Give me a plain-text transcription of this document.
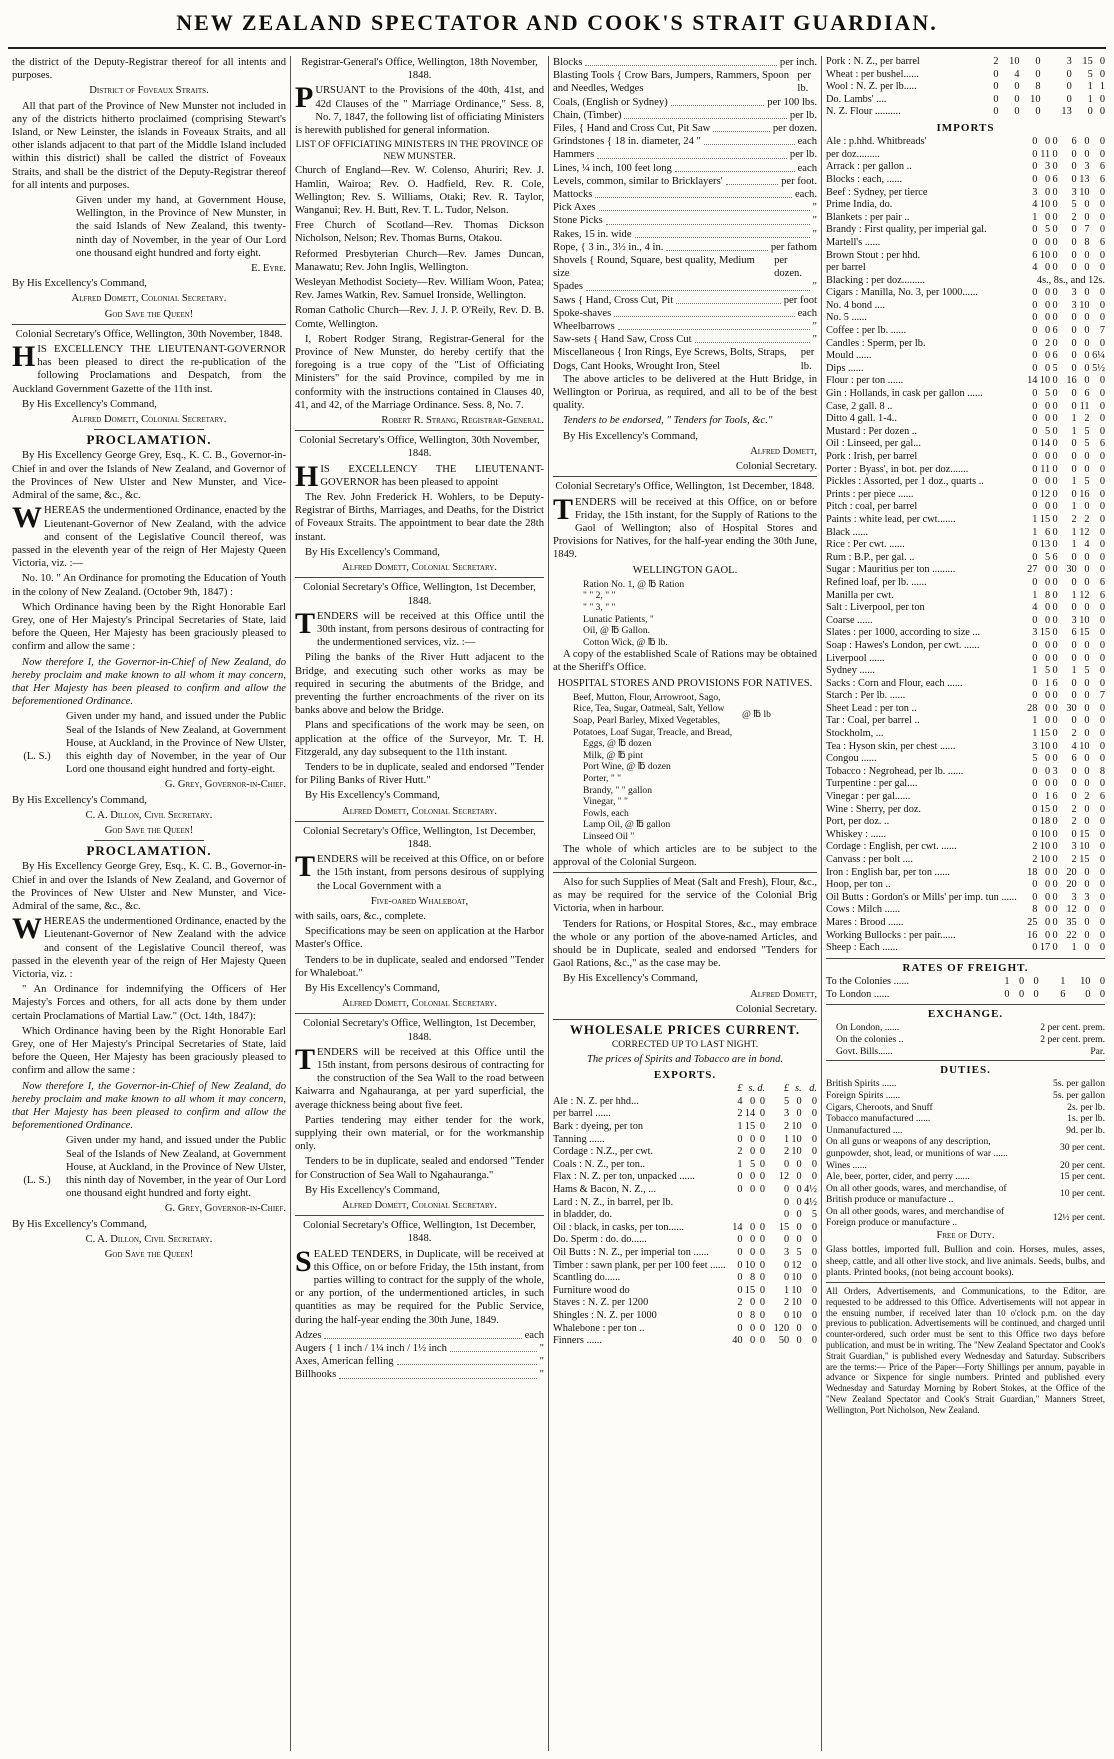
NEW ZEALAND SPECTATOR AND COOK'S STRAIT GUARDIAN.

the district of the Deputy-Registrar thereof for all intents and purposes.

District of Foveaux Straits.

All that part of the Province of New Munster not included in any of the districts hitherto proclaimed (comprising Stewart's Island, or New Leinster, the islands in Foveaux Straits, and all other islands adjacent to that part of the Middle Island included within this district) shall be called the district of Foveaux Straits, and shall be the district of the Deputy-Registrar thereof for all intents and purposes.

Given under my hand, at Government House, Wellington, in the Province of New Munster, in the said Islands of New Zealand, this twenty-ninth day of November, in the year of Our Lord one thousand eight hundred and forty eight.

E. Eyre.

By His Excellency's Command,

Alfred Domett, Colonial Secretary.

God Save the Queen!

Colonial Secretary's Office, Wellington, 30th November, 1848.

HIS EXCELLENCY THE LIEUTENANT-GOVERNOR has been pleased to direct the re-publication of the following Proclamations and Despatch, from the Auckland Government Gazette of the 11th inst.

By His Excellency's Command,

Alfred Domett, Colonial Secretary.

PROCLAMATION.

By His Excellency George Grey, Esq., K. C. B., Governor-in-Chief in and over the Islands of New Zealand, and Governor of the Provinces of New Ulster and New Munster, and Vice-Admiral of the same, &c., &c.

WHEREAS the undermentioned Ordinance, enacted by the Lieutenant-Governor of New Zealand, with the advice and consent of the Legislative Council thereof, was passed in the eleventh year of the reign of Her Majesty Queen Victoria, viz. :—

No. 10. " An Ordinance for promoting the Education of Youth in the colony of New Zealand. (October 9th, 1847) :

Which Ordinance having been by the Right Honorable Earl Grey, one of Her Majesty's Principal Secretaries of State, laid before the Queen, Her Majesty has been graciously pleased to confirm and allow the same :

Now therefore I, the Governor-in-Chief of New Zealand, do hereby proclaim and make known to all whom it may concern, that Her Majesty has been pleased to confirm and allow the beforementioned Ordinance.

(L. S.)

Given under my hand, and issued under the Public Seal of the Islands of New Zealand, at Government House, at Auckland, in the Province of New Ulster, this eighth day of November, in the year of Our Lord one thousand eight hundred and forty-eight.

G. Grey, Governor-in-Chief.

By His Excellency's Command,

C. A. Dillon, Civil Secretary.

God Save the Queen!

PROCLAMATION.

By His Excellency George Grey, Esq., K. C. B., Governor-in-Chief in and over the Islands of New Zealand, and Governor of the Provinces of New Ulster and New Munster, and Vice-Admiral of the same, &c., &c.

WHEREAS the undermentioned Ordinance, enacted by the Lieutenant-Governor of New Zealand with the advice and consent of the Legislative Council thereof, was passed in the eleventh year of the reign of Her Majesty Queen Victoria, viz. :

" An Ordinance for indemnifying the Officers of Her Majesty's Forces and others, for all acts done by them under certain Proclamations of Martial Law." (Oct. 14th, 1847):

Which Ordinance having been by the Right Honorable Earl Grey, one of Her Majesty's Principal Secretaries of State, laid before the Queen, Her Majesty has been graciously pleased to confirm and allow the same :

Now therefore I, the Governor-in-Chief of New Zealand, do hereby proclaim and make known to all whom it may concern, that Her Majesty has been pleased to confirm and allow the beforementioned Ordinance.

(L. S.)

Given under my hand, and issued under the Public Seal of the Islands of New Zealand, at Government House, at Auckland, in the Province of New Ulster, this ninth day of November, in the year of Our Lord one thousand eight hundred and forty eight.

G. Grey, Governor-in-Chief.

By His Excellency's Command,

C. A. Dillon, Civil Secretary.

God Save the Queen!

Registrar-General's Office, Wellington, 18th November, 1848.

PURSUANT to the Provisions of the 40th, 41st, and 42d Clauses of the " Marriage Ordinance," Sess. 8, No. 7, 1847, the following list of officiating Ministers is herewith published for general information.

LIST OF OFFICIATING MINISTERS IN THE PROVINCE OF NEW MUNSTER.

Church of England—Rev. W. Colenso, Ahuriri; Rev. J. Hamlin, Wairoa; Rev. O. Hadfield, Rev. R. Cole, Wellington; Rev. S. Williams, Otaki; Rev. R. Taylor, Wanganui; Rev. H. Butt, Rev. T. L. Tudor, Nelson.

Free Church of Scotland—Rev. Thomas Dickson Nicholson, Nelson; Rev. Thomas Burns, Otakou.

Reformed Presbyterian Church—Rev. James Duncan, Manawatu; Rev. John Inglis, Wellington.

Wesleyan Methodist Society—Rev. William Woon, Patea; Rev. James Watkin, Rev. Samuel Ironside, Wellington.

Roman Catholic Church—Rev. J. J. P. O'Reily, Rev. D. B. Comte, Wellington.

I, Robert Rodger Strang, Registrar-General for the Province of New Munster, do hereby certify that the foregoing is a true copy of the "List of Officiating Ministers" for the said Province, compiled by me in conformity with the instructions contained in Clauses 40, 41, and 42, of the Marriage Ordinance. Sess. 8, No. 7.

Robert R. Strang, Registrar-General.

Colonial Secretary's Office, Wellington, 30th November, 1848.

HIS EXCELLENCY THE LIEUTENANT-GOVERNOR has been pleased to appoint

The Rev. John Frederick H. Wohlers, to be Deputy-Registrar of Births, Marriages, and Deaths, for the District of Foveaux Straits. The appointment to bear date the 28th instant.

By His Excellency's Command,

Alfred Domett, Colonial Secretary.

Colonial Secretary's Office, Wellington, 1st December, 1848.

TENDERS will be received at this Office until the 30th instant, from persons desirous of contracting for the undermentioned services, viz. :—

Piling the banks of the River Hutt adjacent to the Bridge, and executing such other works as may be required in securing the abutments of the Bridge, and preventing the further encroachments of the river on its banks above and below the Bridge.

Plans and specifications of the work may be seen, on application at the office of the Surveyor, Mr. T. H. Fitzgerald, any day subsequent to the 11th instant.

Tenders to be in duplicate, sealed and endorsed "Tender for Piling Banks of River Hutt."

By His Excellency's Command,

Alfred Domett, Colonial Secretary.

Colonial Secretary's Office, Wellington, 1st December, 1848.

TENDERS will be received at this Office, on or before the 15th instant, from persons desirous of supplying the Local Government with a

Five-oared Whaleboat,

with sails, oars, &c., complete.

Specifications may be seen on application at the Harbor Master's Office.

Tenders to be in duplicate, sealed and endorsed "Tender for Whaleboat."

By His Excellency's Command,

Alfred Domett, Colonial Secretary.

Colonial Secretary's Office, Wellington, 1st December, 1848.

TENDERS will be received at this Office until the 15th instant, from persons desirous of contracting for the construction of the Sea Wall to the road between Kaiwarra and Ngahauranga, at per yard superficial, the average thickness being about five feet.

Parties tendering may either tender for the work, supplying their own material, or for the workmanship only.

Tenders to be in duplicate, sealed and endorsed "Tender for Construction of Sea Wall to Ngahauranga."

By His Excellency's Command,

Alfred Domett, Colonial Secretary.

Colonial Secretary's Office, Wellington, 1st December, 1848.

SEALED TENDERS, in Duplicate, will be received at this Office, on or before Friday, the 15th instant, from parties willing to contract for the supply of the whole, or any portion, of the undermentioned articles, in such quantities as may be required for the Public Service, during the half-year ending the 30th June, 1849.

Adzes	each
Augers { 1 inch / 1¼ inch / 1½ inch	"
Axes, American felling	"
Billhooks	"
Blocks	per inch.
Blasting Tools { Crow Bars, Jumpers, Rammers, Spoon and Needles, Wedges
per lb.
Coals, (English or Sydney)	per 100 lbs.
Chain, (Timber)	per lb.
Files, { Hand and Cross Cut, Pit Saw	per dozen.
Grindstones { 18 in. diameter, 24 "	each
Hammers	per lb.
Lines, ¼ inch, 100 feet long	each
Levels, common, similar to Bricklayers'	per foot.
Mattocks	each.
Pick Axes	"
Stone Picks	"
Rakes, 15 in. wide	"
Rope, { 3 in., 3½ in., 4 in.	per fathom
Shovels { Round, Square, best quality, Medium size
per dozen.
Spades	"
Saws { Hand, Cross Cut, Pit	per foot
Spoke-shaves	each
Wheelbarrows	"
Saw-sets { Hand Saw, Cross Cut	"
Miscellaneous { Iron Rings, Eye Screws, Bolts, Straps, Dogs, Cant Hooks, Wrought Iron, Steel
per lb.

The above articles to be delivered at the Hutt Bridge, in Wellington or Porirua, as required, and all to be of the best quality.

Tenders to be endorsed, " Tenders for Tools, &c."

By His Excellency's Command,

Alfred Domett,

Colonial Secretary.

Colonial Secretary's Office, Wellington, 1st December, 1848.

TENDERS will be received at this Office, on or before Friday, the 15th instant, for the Supply of Rations to the Gaol of Wellington; also of Hospital Stores and Provisions for Natives, for the half-year ending the 30th June, 1849.

WELLINGTON GAOL.

Ration No. 1, @ ℔ Ration
" " 2, " "
" " 3, " "
Lunatic Patients, "
Oil, @ ℔ Gallon.
Cotton Wick, @ ℔ lb.

A copy of the established Scale of Rations may be obtained at the Sheriff's Office.

HOSPITAL STORES AND PROVISIONS FOR NATIVES.

Beef, Mutton, Flour, Arrowroot, Sago, Rice, Tea, Sugar, Oatmeal, Salt, Yellow Soap, Pearl Barley, Mixed Vegetables, Potatoes, Loaf Sugar, Treacle, and Bread,
@ ℔ lb
Eggs, @ ℔ dozen
Milk, @ ℔ pint
Port Wine, @ ℔ dozen
Porter, " "
Brandy, " " gallon
Vinegar, " "
Fowls, each
Lamp Oil, @ ℔ gallon
Linseed Oil "

The whole of which articles are to be subject to the approval of the Colonial Surgeon.

Also for such Supplies of Meat (Salt and Fresh), Flour, &c., as may be required for the service of the Colonial Brig Victoria, when in harbour.

Tenders for Rations, or Hospital Stores, &c., may embrace the whole or any portion of the above-named Articles, and should be in Duplicate, sealed and endorsed "Tenders for Gaol Rations, &c.," as the case may be.

By His Excellency's Command,

Alfred Domett,

Colonial Secretary.

WHOLESALE PRICES CURRENT.

CORRECTED UP TO LAST NIGHT.

The prices of Spirits and Tobacco are in bond.

EXPORTS.

	£	s.	d.	£	s.	d.
Ale : N. Z. per hhd...	4	0	0	5	0	0
per barrel ......	2	14	0	3	0	0
Bark : dyeing, per ton	1	15	0	2	10	0
Tanning ......	0	0	0	1	10	0
Cordage : N.Z., per cwt.	2	0	0	2	10	0
Coals : N. Z., per ton..	1	5	0	0	0	0
Flax : N. Z. per ton, unpacked ......	0	0	0	12	0	0
Hams & Bacon, N. Z., ...	0	0	0	0	0	4½
Lard : N. Z., in barrel, per lb.				0	0	4½
in bladder, do.				0	0	5
Oil : black, in casks, per ton......	14	0	0	15	0	0
Do. Sperm : do. do......	0	0	0	0	0	0
Oil Butts : N. Z., per imperial ton ......	0	0	0	3	5	0
Timber : sawn plank, per per 100 feet ......	0	10	0	0	12	0
Scantling do......	0	8	0	0	10	0
Furniture wood do	0	15	0	1	10	0
Staves : N. Z. per 1200	2	0	0	2	10	0
Shingles : N. Z. per 1000	0	8	0	0	10	0
Whalebone : per ton ..	0	0	0	120	0	0
Finners ......	40	0	0	50	0	0
Pork : N. Z., per barrel	2	10	0	3	15	0
Wheat : per bushel......	0	4	0	0	5	0
Wool : N. Z. per lb.....	0	0	8	0	1	1
Do. Lambs' ....	0	0	10	0	1	0
N. Z. Flour ..........	0	0	0	13	0	0

IMPORTS

Ale : p.hhd. Whitbreads'	0	0	0	6	0	0
per doz.........	0	11	0	0	0	0
Arrack : per gallon ..	0	3	0	0	3	6
Blocks : each, ......	0	0	6	0	13	6
Beef : Sydney, per tierce	3	0	0	3	10	0
Prime India, do.	4	10	0	5	0	0
Blankets : per pair ..	1	0	0	2	0	0
Brandy : First quality, per imperial gal.	0	5	0	0	7	0
Martell's ......	0	0	0	0	8	6
Brown Stout : per hhd.	6	10	0	0	0	0
per barrel	4	0	0	0	0	0
Blacking : per doz.........	4s., 8s., and 12s.					
Cigars : Manilla, No. 3, per 1000......	0	0	0	3	0	0
No. 4 bond ....	0	0	0	3	10	0
No. 5 ......	0	0	0	0	0	0
Coffee : per lb. ......	0	0	6	0	0	7
Candles : Sperm, per lb.	0	2	0	0	0	0
Mould ......	0	0	6	0	0	6¼
Dips ......	0	0	5	0	0	5½
Flour : per ton ......	14	10	0	16	0	0
Gin : Hollands, in cask per gallon ......	0	5	0	0	6	0
Case, 2 gall. 8 ..	0	0	0	0	11	0
Ditto 4 gall. 1-4..	0	0	0	1	2	0
Mustard : Per dozen ..	0	5	0	1	5	0
Oil : Linseed, per gal...	0	14	0	0	5	6
Pork : Irish, per barrel	0	0	0	0	0	0
Porter : Byass', in bot. per doz.......	0	11	0	0	0	0
Pickles : Assorted, per 1 doz., quarts ..	0	0	0	1	5	0
Prints : per piece ......	0	12	0	0	16	0
Pitch : coal, per barrel	0	0	0	1	0	0
Paints : white lead, per cwt.......	1	15	0	2	2	0
Black ......	1	6	0	1	12	0
Rice : Per cwt. ......	0	13	0	1	4	0
Rum : B.P., per gal. ..	0	5	6	0	0	0
Sugar : Mauritius per ton .........	27	0	0	30	0	0
Refined loaf, per lb. ......	0	0	0	0	0	6
Manilla per cwt.	1	8	0	1	12	6
Salt : Liverpool, per ton	4	0	0	0	0	0
Coarse ......	0	0	0	3	10	0
Slates : per 1000, according to size ...	3	15	0	6	15	0
Soap : Hawes's London, per cwt. ......	0	0	0	0	0	0
Liverpool ......	0	0	0	0	0	0
Sydney ......	1	5	0	1	5	0
Sacks : Corn and Flour, each ......	0	1	6	0	0	0
Starch : Per lb. ......	0	0	0	0	0	7
Sheet Lead : per ton ..	28	0	0	30	0	0
Tar : Coal, per barrel ..	1	0	0	0	0	0
Stockholm, ...	1	15	0	2	0	0
Tea : Hyson skin, per chest ......	3	10	0	4	10	0
Congou ......	5	0	0	6	0	0
Tobacco : Negrohead, per lb. ......	0	0	3	0	0	8
Turpentine : per gal....	0	0	0	0	0	0
Vinegar : per gal......	0	1	6	0	2	6
Wine : Sherry, per doz.	0	15	0	2	0	0
Port, per doz. ..	0	18	0	2	0	0
Whiskey : ......	0	10	0	0	15	0
Cordage : English, per cwt. ......	2	10	0	3	10	0
Canvass : per bolt ....	2	10	0	2	15	0
Iron : English bar, per ton ......	18	0	0	20	0	0
Hoop, per ton ..	0	0	0	20	0	0
Oil Butts : Gordon's or Mills' per imp. tun ......	0	0	0	3	3	0
Cows : Milch ......	8	0	0	12	0	0
Mares : Brood ......	25	0	0	35	0	0
Working Bullocks : per pair......	16	0	0	22	0	0
Sheep : Each ......	0	17	0	1	0	0

RATES OF FREIGHT.

To the Colonies ......	1	0	0	1	10	0
To London ......	0	0	0	6	0	0

EXCHANGE.

On London, ......	2 per cent. prem.
On the colonies ..	2 per cent. prem.
Govt. Bills......	Par.

DUTIES.

British Spirits ......	5s. per gallon
Foreign Spirits ......	5s. per gallon
Cigars, Cheroots, and Snuff	2s. per lb.
Tobacco manufactured ......	1s. per lb.
Unmanufactured ....	9d. per lb.
On all guns or weapons of any description, gunpowder, shot, lead, or munitions of war ......
30 per cent.
Wines ......	20 per cent.
Ale, beer, porter, cider, and perry ......	15 per cent.
On all other goods, wares, and merchandise, of British produce or manufacture ..
10 per cent.
On all other goods, wares, and merchandise of Foreign produce or manufacture ..
12½ per cent.

Free of Duty.

Glass bottles, imported full. Bullion and coin. Horses, mules, asses, sheep, cattle, and all other live stock, and live animals. Seeds, bulbs, and plants. Printed books, (not being account books).

All Orders, Advertisements, and Communications, to the Editor, are requested to be addressed to this Office. Advertisements will not appear in the ensuing number, if received later than 10 o'clock p.m. on the day previous to publication. Advertisements will be continued, and charged until counter-ordered, such order must be sent to this Office two days before publication, and must be in writing. The "New Zealand Spectator and Cook's Strait Guardian," is published every Wednesday and Saturday. Subscribers are the terms:— Price of the Paper—Forty Shillings per annum, payable in advance or Sixpence for single numbers. Printed and published every Wednesday and Saturday Morning by Robert Stokes, at the Office of the "New Zealand Spectator and Cook's Strait Guardian," Manners Street, Wellington, Port Nicholson, New Zealand.
